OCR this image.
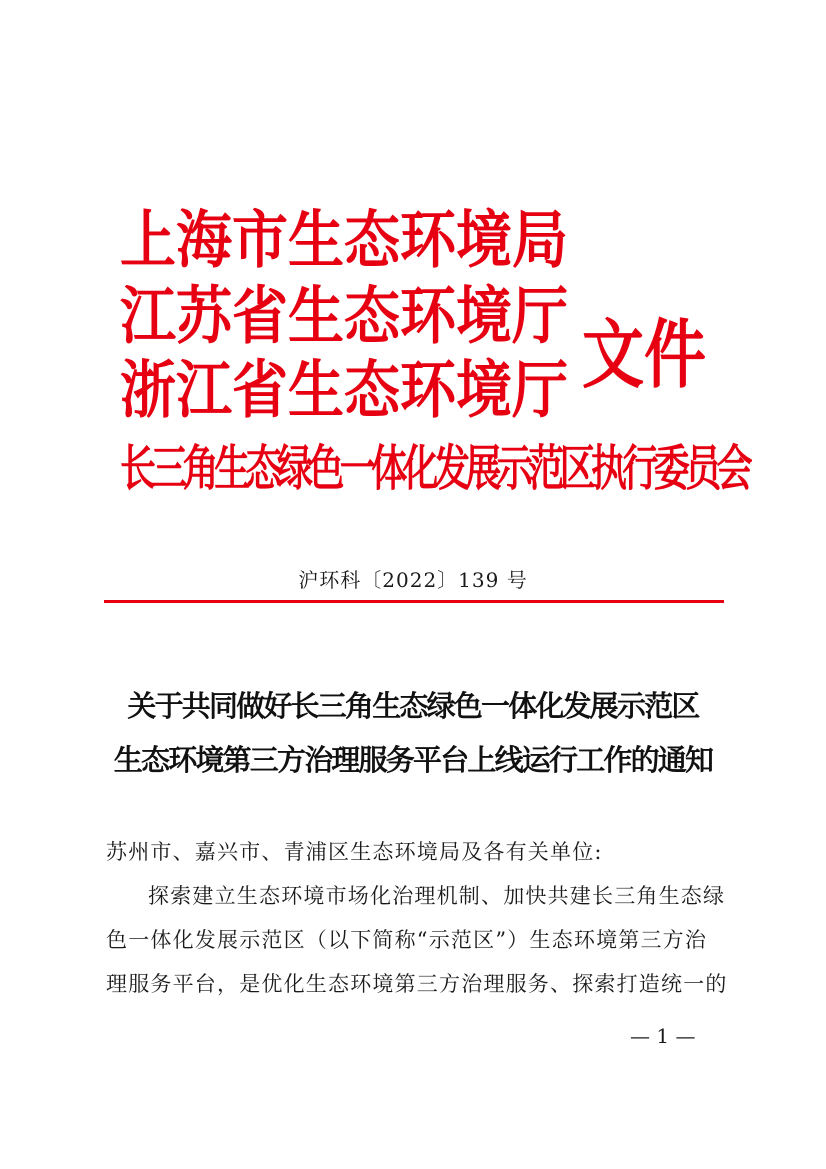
上 海 市 生 态 环 境 局
江 苏 省 生 态 环 境 厅
浙 江 省 生 态 环 境 厅
长三角生态绿色一体化发展示范区执行委员会
文件
沪环科〔2022〕139 号
关于共同做好长三角生态绿色一体化发展示范区
生态环境第三方治理服务平台上线运行工作的通知
苏州市、嘉兴市、青浦区生态环境局及各有关单位:
探索建立生态环境市场化治理机制、加快共建长三角生态绿
色一体化发展示范区（以下简称“示范区”）生态环境第三方治
理服务平台，是优化生态环境第三方治理服务、探索打造统一的
— 1 —
